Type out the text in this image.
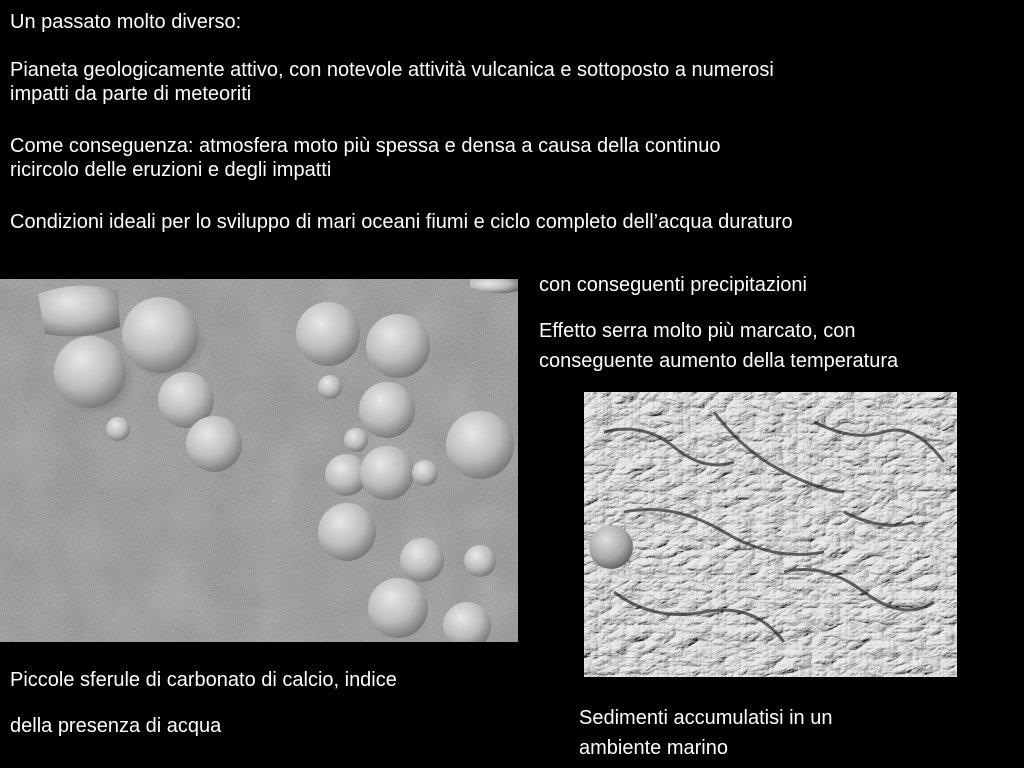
Un passato molto diverso:

Pianeta geologicamente attivo, con notevole attività vulcanica e sottoposto a numerosi

impatti da parte di meteoriti

Come conseguenza: atmosfera moto più spessa e densa a causa della continuo

ricircolo delle eruzioni e degli impatti

Condizioni ideali per lo sviluppo di mari oceani fiumi e ciclo completo dell’acqua duraturo

con conseguenti precipitazioni

Effetto serra molto più marcato, con

conseguente aumento della temperatura

Piccole sferule di carbonato di calcio, indice

della presenza di acqua	Sedimenti accumulatisi in un

ambiente marino
